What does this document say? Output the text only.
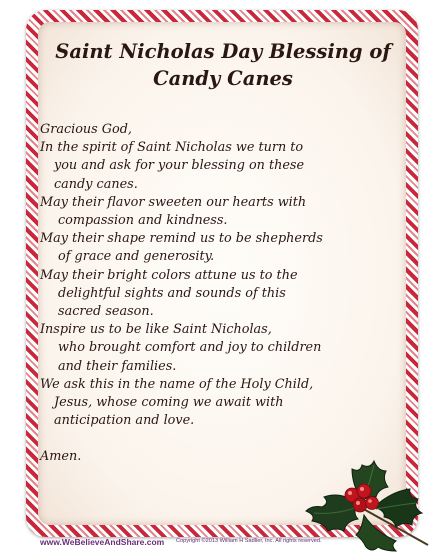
Saint Nicholas Day Blessing of
Candy Canes
Gracious God,
In the spirit of Saint Nicholas we turn to
you and ask for your blessing on these
candy canes.
May their flavor sweeten our hearts with
compassion and kindness.
May their shape remind us to be shepherds
of grace and generosity.
May their bright colors attune us to the
delightful sights and sounds of this
sacred season.
Inspire us to be like Saint Nicholas,
who brought comfort and joy to children
and their families.
We ask this in the name of the Holy Child,
Jesus, whose coming we await with
anticipation and love.
Amen.
www.WeBelieveAndShare.com Copyright ©2013 William H Sadlier, Inc. All rights reserved.
